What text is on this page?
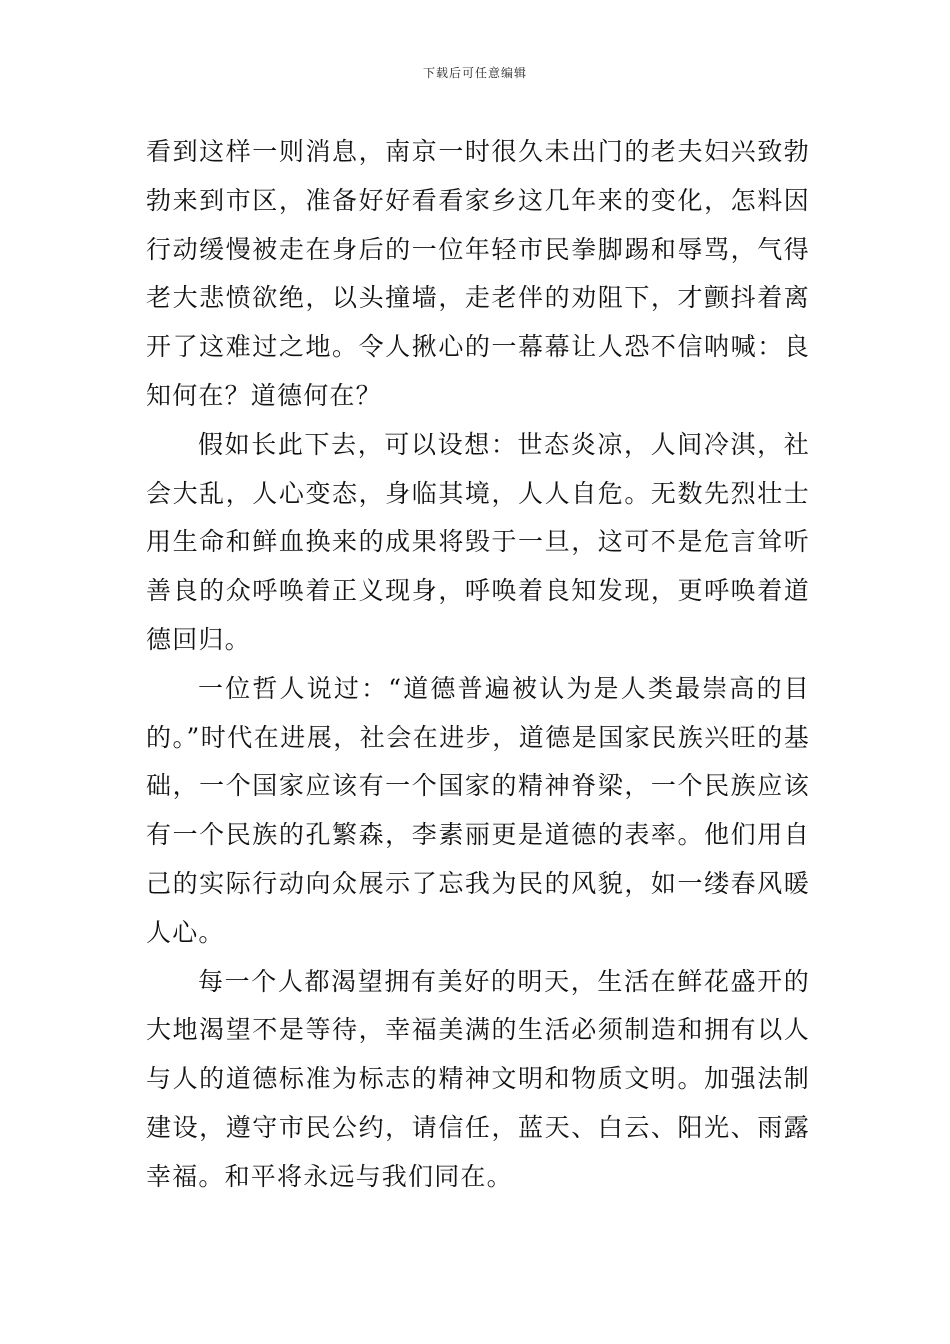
下载后可任意编辑

看到这样一则消息，南京一时很久未出门的老夫妇兴致勃勃来到市区，准备好好看看家乡这几年来的变化，怎料因行动缓慢被走在身后的一位年轻市民拳脚踢和辱骂，气得老大悲愤欲绝，以头撞墙，走老伴的劝阻下，才颤抖着离开了这难过之地。令人揪心的一幕幕让人恐不信呐喊：良知何在？道德何在？

假如长此下去，可以设想：世态炎凉，人间冷淇，社会大乱，人心变态，身临其境，人人自危。无数先烈壮士用生命和鲜血换来的成果将毁于一旦，这可不是危言耸听善良的众呼唤着正义现身，呼唤着良知发现，更呼唤着道德回归。

一位哲人说过：“道德普遍被认为是人类最崇高的目的。”时代在进展，社会在进步，道德是国家民族兴旺的基础，一个国家应该有一个国家的精神脊梁，一个民族应该有一个民族的孔繁森，李素丽更是道德的表率。他们用自己的实际行动向众展示了忘我为民的风貌，如一缕春风暖人心。

每一个人都渴望拥有美好的明天，生活在鲜花盛开的大地渴望不是等待，幸福美满的生活必须制造和拥有以人与人的道德标准为标志的精神文明和物质文明。加强法制建设，遵守市民公约，请信任，蓝天、白云、阳光、雨露幸福。和平将永远与我们同在。
